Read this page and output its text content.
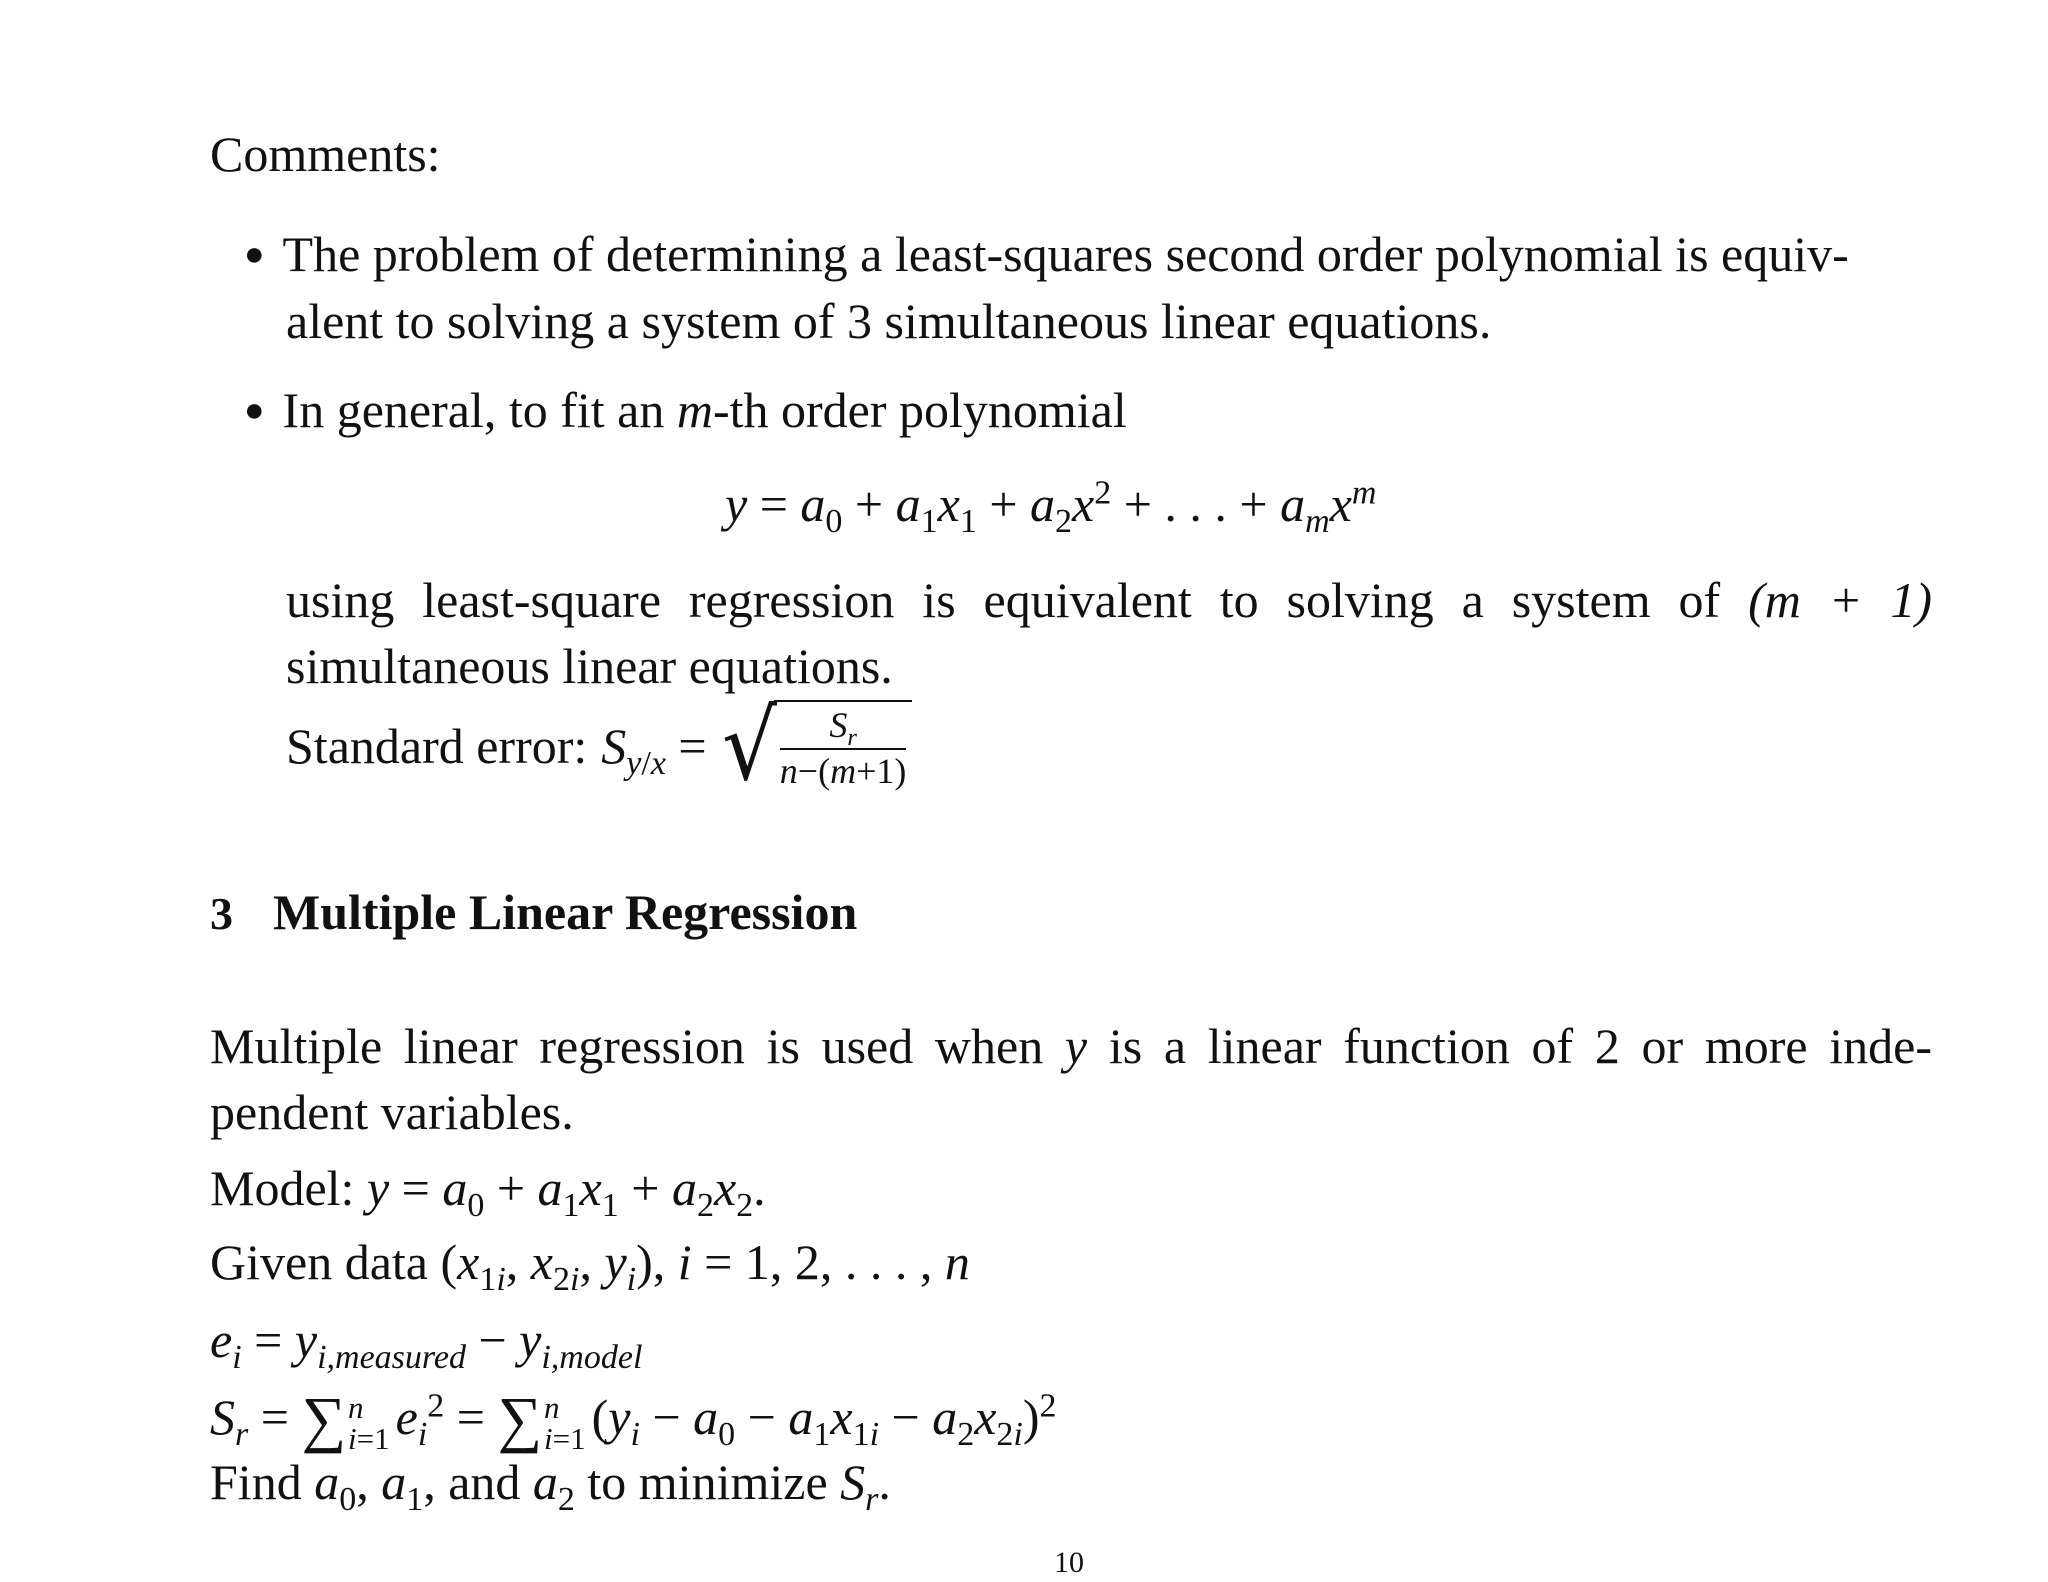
Comments:
● The problem of determining a least-squares second order polynomial is equiv-
alent to solving a system of 3 simultaneous linear equations.
● In general, to fit an m-th order polynomial
$y = a_0 + a_1x_1 + a_2x^2$ + . . . + $a_mx^m$
using least-square regression is equivalent to solving a system of (m + 1)
simultaneous linear equations.
Standard error: $S_{y/x}$ = √ $S_r$
n−(m+1)
3 Multiple Linear Regression
Multiple linear regression is used when y is a linear function of 2 or more inde-
pendent variables.
Model: $y = a_0 + a_1x_1 + a_2x_2$.
Given data ($x_{1i}$, $x_{2i}$, $y_i$), i = 1, 2, . . . , n
$e_i = y_{i,measured} - y_{i,model}$
$S_r = \sum n$
i=1 $e_i^2 = \sum n$
i=1 $(y_i - a_0 - a_1x_{1i} - a_2x_{2i})^2$
Find $a_0$, $a_1$, and $a_2$ to minimize $S_r$.
10
